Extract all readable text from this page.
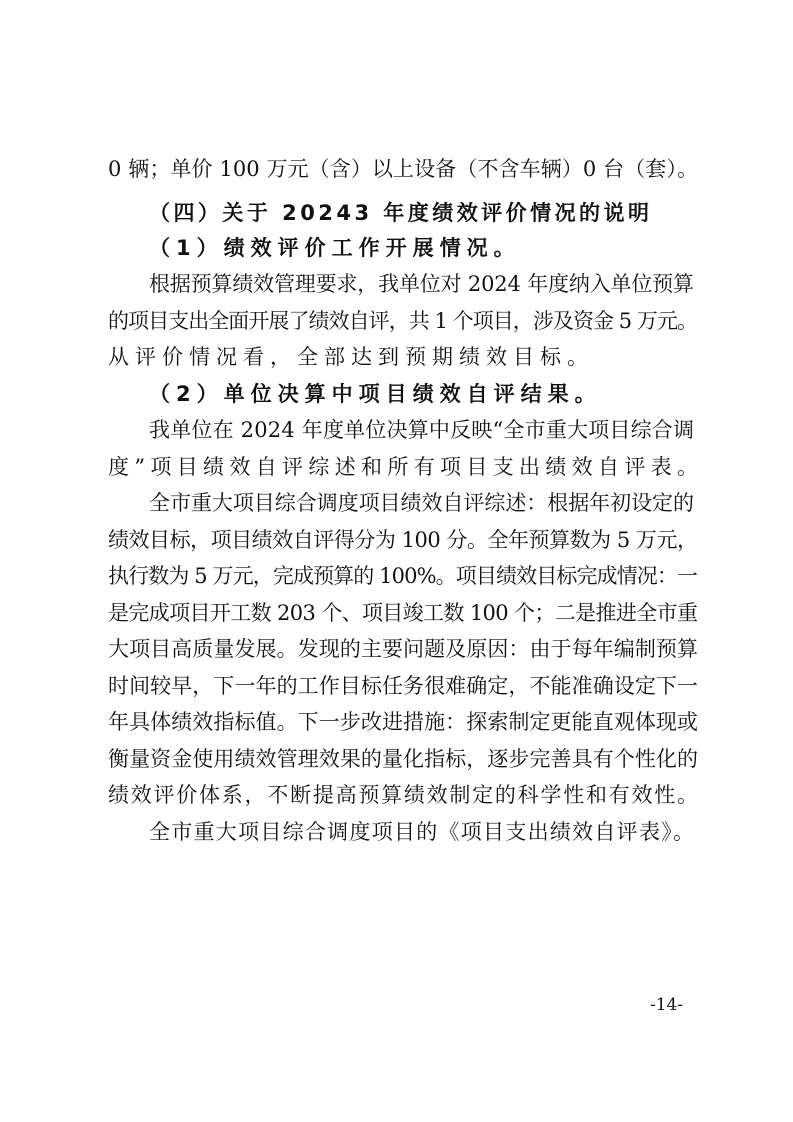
0 辆；单价 100 万元（含）以上设备（不含车辆）0 台（套）。

（四）关于 20243 年度绩效评价情况的说明

（1）绩效评价工作开展情况。

根据预算绩效管理要求，我单位对 2024 年度纳入单位预算

的项目支出全面开展了绩效自评，共 1 个项目，涉及资金 5 万元。

从评价情况看，全部达到预期绩效目标。

（2）单位决算中项目绩效自评结果。

我单位在 2024 年度单位决算中反映“全市重大项目综合调

度”项目绩效自评综述和所有项目支出绩效自评表。

全市重大项目综合调度项目绩效自评综述：根据年初设定的

绩效目标，项目绩效自评得分为 100 分。全年预算数为 5 万元，

执行数为 5 万元，完成预算的 100%。项目绩效目标完成情况：一

是完成项目开工数 203 个、项目竣工数 100 个；二是推进全市重

大项目高质量发展。发现的主要问题及原因：由于每年编制预算

时间较早，下一年的工作目标任务很难确定，不能准确设定下一

年具体绩效指标值。下一步改进措施：探索制定更能直观体现或

衡量资金使用绩效管理效果的量化指标，逐步完善具有个性化的

绩效评价体系，不断提高预算绩效制定的科学性和有效性。

全市重大项目综合调度项目的《项目支出绩效自评表》。

-14-
